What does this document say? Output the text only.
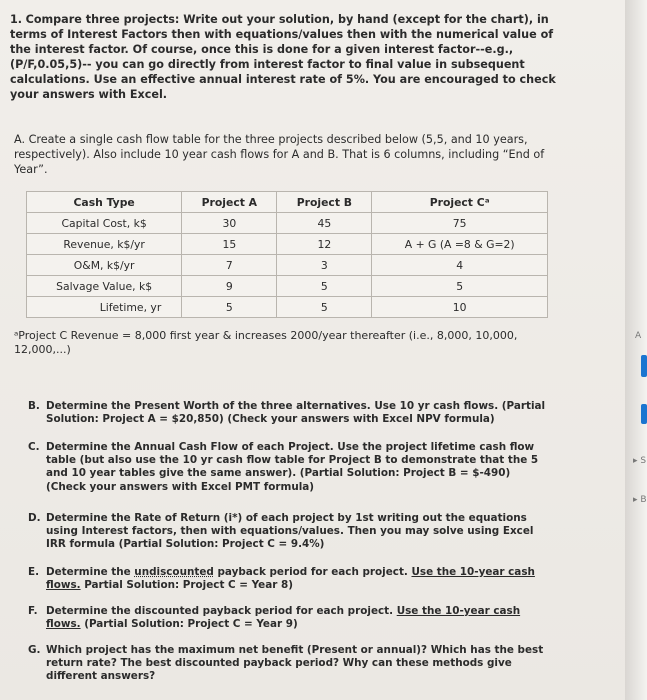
1. Compare three projects: Write out your solution, by hand (except for the chart), in terms of Interest Factors then with equations/values then with the numerical value of the interest factor. Of course, once this is done for a given interest factor--e.g., (P/F,0.05,5)-- you can go directly from interest factor to final value in subsequent calculations. Use an effective annual interest rate of 5%. You are encouraged to check your answers with Excel.
A. Create a single cash flow table for the three projects described below (5,5, and 10 years, respectively). Also include 10 year cash flows for A and B. That is 6 columns, including “End of Year”.
Cash Type	Project A	Project B	Project Cᵃ
Capital Cost, k$	30	45	75
Revenue, k$/yr	15	12	A + G (A =8 & G=2)
O&M, k$/yr	7	3	4
Salvage Value, k$	9	5	5
Lifetime, yr	5	5	10
ᵃProject C Revenue = 8,000 first year & increases 2000/year thereafter (i.e., 8,000, 10,000, 12,000,...)
B. Determine the Present Worth of the three alternatives. Use 10 yr cash flows. (Partial Solution: Project A = $20,850) (Check your answers with Excel NPV formula)
C. Determine the Annual Cash Flow of each Project. Use the project lifetime cash flow table (but also use the 10 yr cash flow table for Project B to demonstrate that the 5 and 10 year tables give the same answer). (Partial Solution: Project B = $-490) (Check your answers with Excel PMT formula)
D. Determine the Rate of Return (i*) of each project by 1st writing out the equations using Interest factors, then with equations/values. Then you may solve using Excel IRR formula (Partial Solution: Project C = 9.4%)
E. Determine the undiscounted payback period for each project. Use the 10-year cash flows. Partial Solution: Project C = Year 8)
F. Determine the discounted payback period for each project. Use the 10-year cash flows. (Partial Solution: Project C = Year 9)
G. Which project has the maximum net benefit (Present or annual)? Which has the best return rate? The best discounted payback period? Why can these methods give different answers?
A
▸ S
▸ B
